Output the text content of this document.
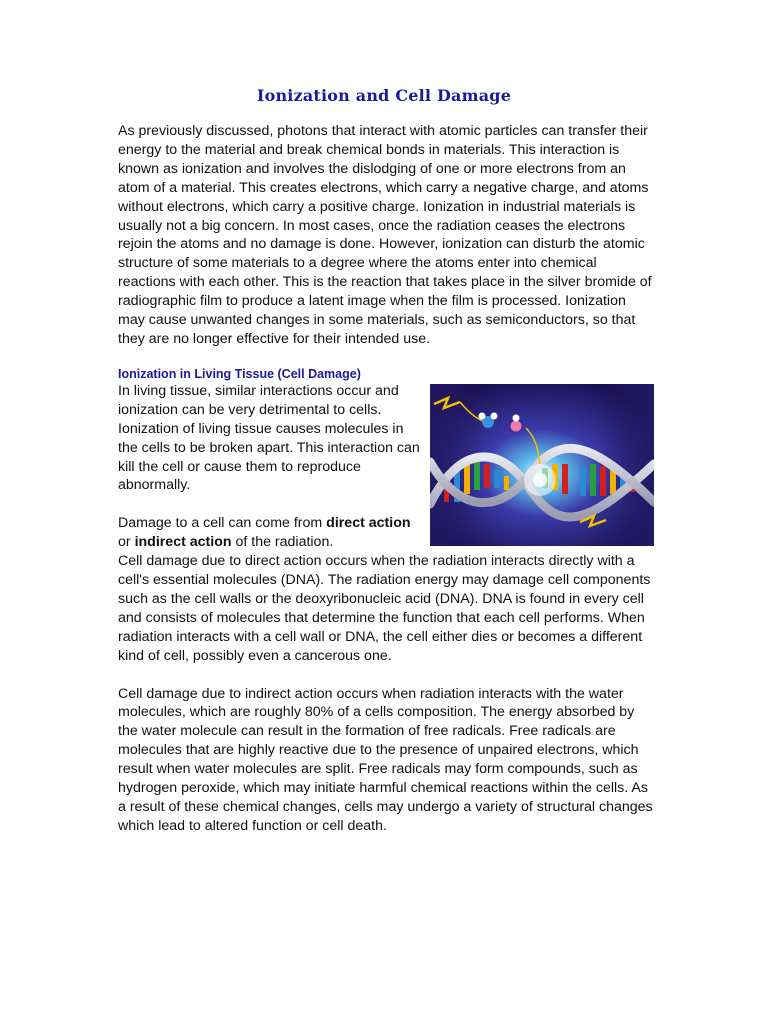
Ionization and Cell Damage

As previously discussed, photons that interact with atomic particles can transfer their energy to the material and break chemical bonds in materials. This interaction is known as ionization and involves the dislodging of one or more electrons from an atom of a material. This creates electrons, which carry a negative charge, and atoms without electrons, which carry a positive charge. Ionization in industrial materials is usually not a big concern. In most cases, once the radiation ceases the electrons rejoin the atoms and no damage is done. However, ionization can disturb the atomic structure of some materials to a degree where the atoms enter into chemical reactions with each other. This is the reaction that takes place in the silver bromide of radiographic film to produce a latent image when the film is processed. Ionization may cause unwanted changes in some materials, such as semiconductors, so that they are no longer effective for their intended use.

Ionization in Living Tissue (Cell Damage)

In living tissue, similar interactions occur and ionization can be very detrimental to cells. Ionization of living tissue causes molecules in the cells to be broken apart. This interaction can kill the cell or cause them to reproduce abnormally.

Damage to a cell can come from direct action or indirect action of the radiation.

Cell damage due to direct action occurs when the radiation interacts directly with a cell's essential molecules (DNA). The radiation energy may damage cell components such as the cell walls or the deoxyribonucleic acid (DNA). DNA is found in every cell and consists of molecules that determine the function that each cell performs. When radiation interacts with a cell wall or DNA, the cell either dies or becomes a different kind of cell, possibly even a cancerous one.

Cell damage due to indirect action occurs when radiation interacts with the water molecules, which are roughly 80% of a cells composition. The energy absorbed by the water molecule can result in the formation of free radicals. Free radicals are molecules that are highly reactive due to the presence of unpaired electrons, which result when water molecules are split. Free radicals may form compounds, such as hydrogen peroxide, which may initiate harmful chemical reactions within the cells. As a result of these chemical changes, cells may undergo a variety of structural changes which lead to altered function or cell death.
